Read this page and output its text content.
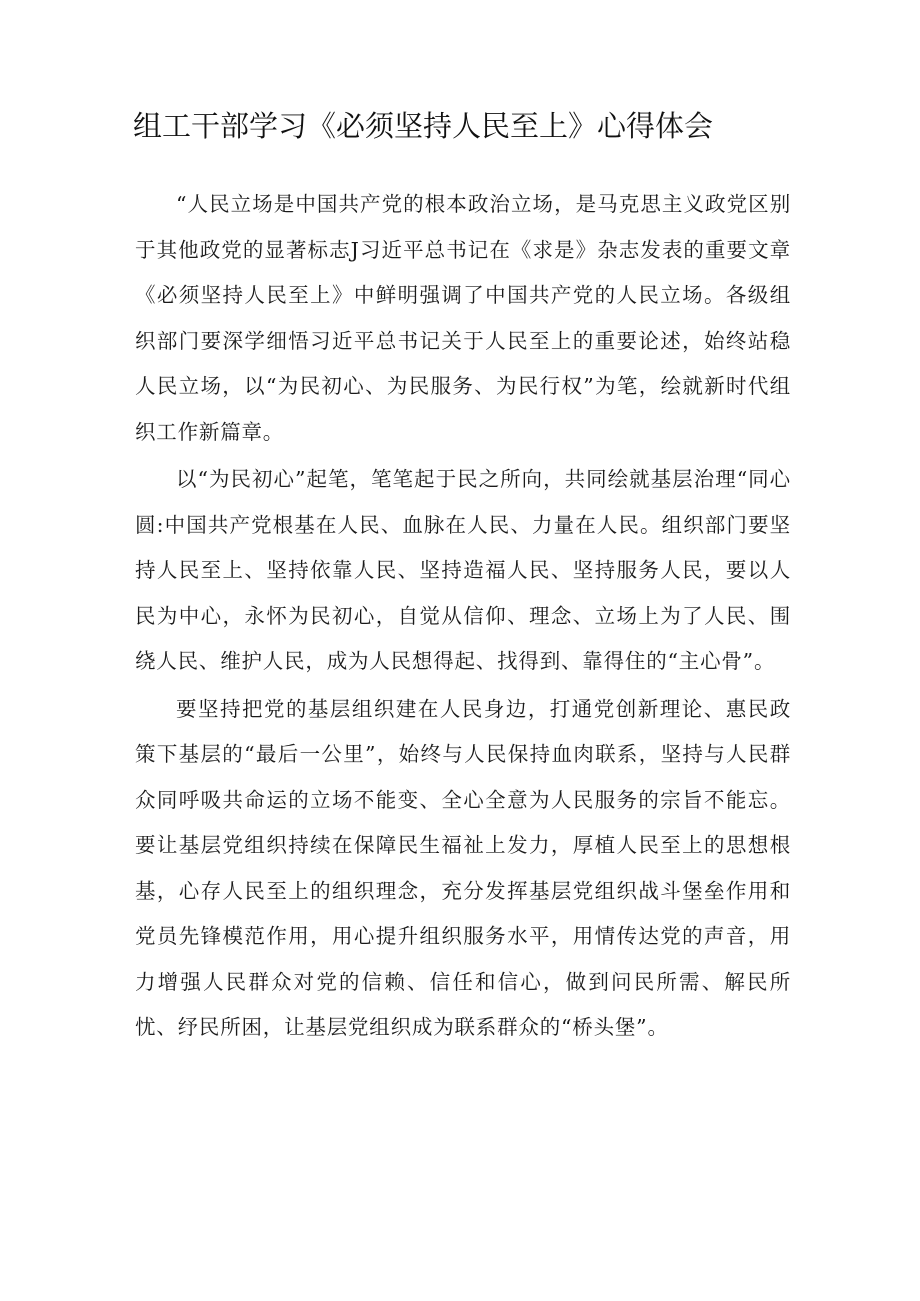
组工干部学习《必须坚持人民至上》心得体会

“人民立场是中国共产党的根本政治立场，是马克思主义政党区别于其他政党的显著标志J习近平总书记在《求是》杂志发表的重要文章《必须坚持人民至上》中鲜明强调了中国共产党的人民立场。各级组织部门要深学细悟习近平总书记关于人民至上的重要论述，始终站稳人民立场，以“为民初心、为民服务、为民行权”为笔，绘就新时代组织工作新篇章。

以“为民初心”起笔，笔笔起于民之所向，共同绘就基层治理“同心圆:中国共产党根基在人民、血脉在人民、力量在人民。组织部门要坚持人民至上、坚持依靠人民、坚持造福人民、坚持服务人民，要以人民为中心，永怀为民初心，自觉从信仰、理念、立场上为了人民、围绕人民、维护人民，成为人民想得起、找得到、靠得住的“主心骨”。

要坚持把党的基层组织建在人民身边，打通党创新理论、惠民政策下基层的“最后一公里”，始终与人民保持血肉联系，坚持与人民群众同呼吸共命运的立场不能变、全心全意为人民服务的宗旨不能忘。要让基层党组织持续在保障民生福祉上发力，厚植人民至上的思想根基，心存人民至上的组织理念，充分发挥基层党组织战斗堡垒作用和党员先锋模范作用，用心提升组织服务水平，用情传达党的声音，用力增强人民群众对党的信赖、信任和信心，做到问民所需、解民所忧、纾民所困，让基层党组织成为联系群众的“桥头堡”。
